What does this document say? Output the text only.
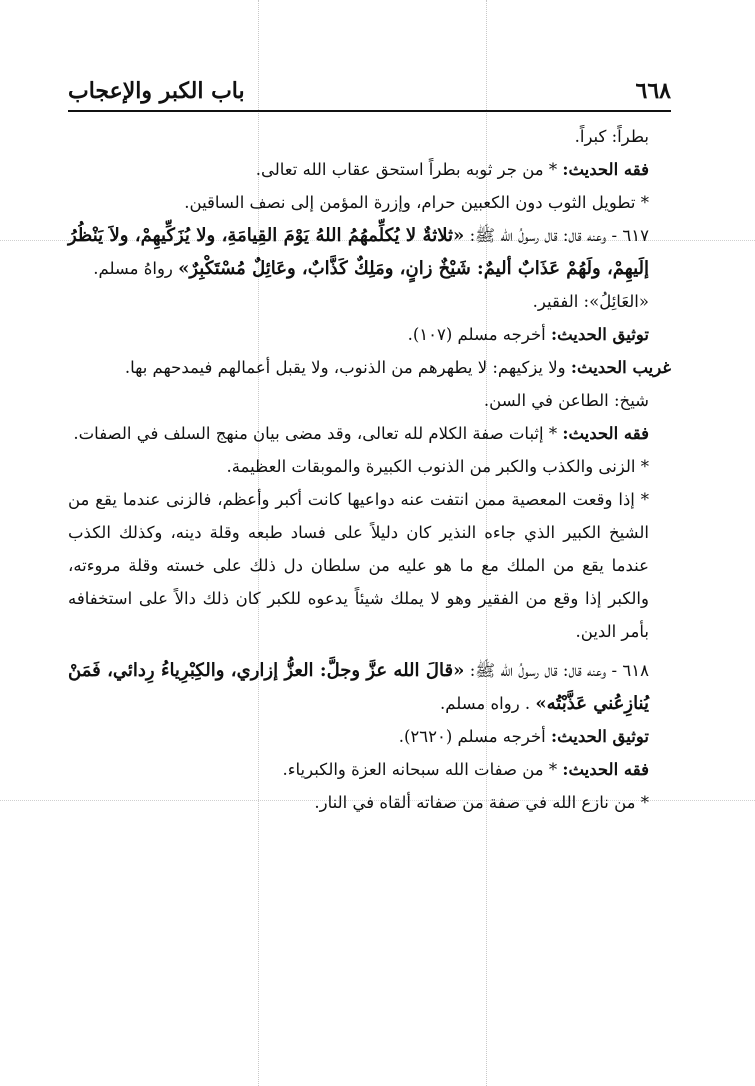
٦٦٨
باب الكبر والإعجاب

بطراً: كبراً.

فقه الحديث: * من جر ثوبه بطراً استحق عقاب الله تعالى.

* تطويل الثوب دون الكعبين حرام، وإزرة المؤمن إلى نصف الساقين.

٦١٧ - وعنه قال: قال رسولُ الله ﷺ: «ثلاثةٌ لا يُكلِّمهُمُ اللهُ يَوْمَ القِيامَةِ، ولا يُزَكِّيهِمْ، ولاَ يَنْظُرُ إلَيهِمْ، ولَهُمْ عَذَابٌ أليمٌ: شَيْخٌ زانٍ، ومَلِكٌ كَذَّابٌ، وعَائِلٌ مُسْتَكْبِرٌ» رواهُ مسلم.

«العَائِلُ»: الفقير.

توثيق الحديث: أخرجه مسلم (١٠٧).

غريب الحديث: ولا يزكيهم: لا يطهرهم من الذنوب، ولا يقبل أعمالهم فيمدحهم بها.

شيخ: الطاعن في السن.

فقه الحديث: * إثبات صفة الكلام لله تعالى، وقد مضى بيان منهج السلف في الصفات.

* الزنى والكذب والكبر من الذنوب الكبيرة والموبقات العظيمة.

* إذا وقعت المعصية ممن انتفت عنه دواعيها كانت أكبر وأعظم، فالزنى عندما يقع من الشيخ الكبير الذي جاءه النذير كان دليلاً على فساد طبعه وقلة دينه، وكذلك الكذب عندما يقع من الملك مع ما هو عليه من سلطان دل ذلك على خسته وقلة مروءته، والكبر إذا وقع من الفقير وهو لا يملك شيئاً يدعوه للكبر كان ذلك دالاً على استخفافه بأمر الدين.

٦١٨ - وعنه قال: قال رسولُ الله ﷺ: «قالَ الله عزَّ وجلَّ: العزُّ إزاري، والكِبْرِياءُ رِدائي، فَمَنْ يُنازِعُني عَذَّبْتُه» . رواه مسلم.

توثيق الحديث: أخرجه مسلم (٢٦٢٠).

فقه الحديث: * من صفات الله سبحانه العزة والكبرياء.

* من نازع الله في صفة من صفاته ألقاه في النار.
